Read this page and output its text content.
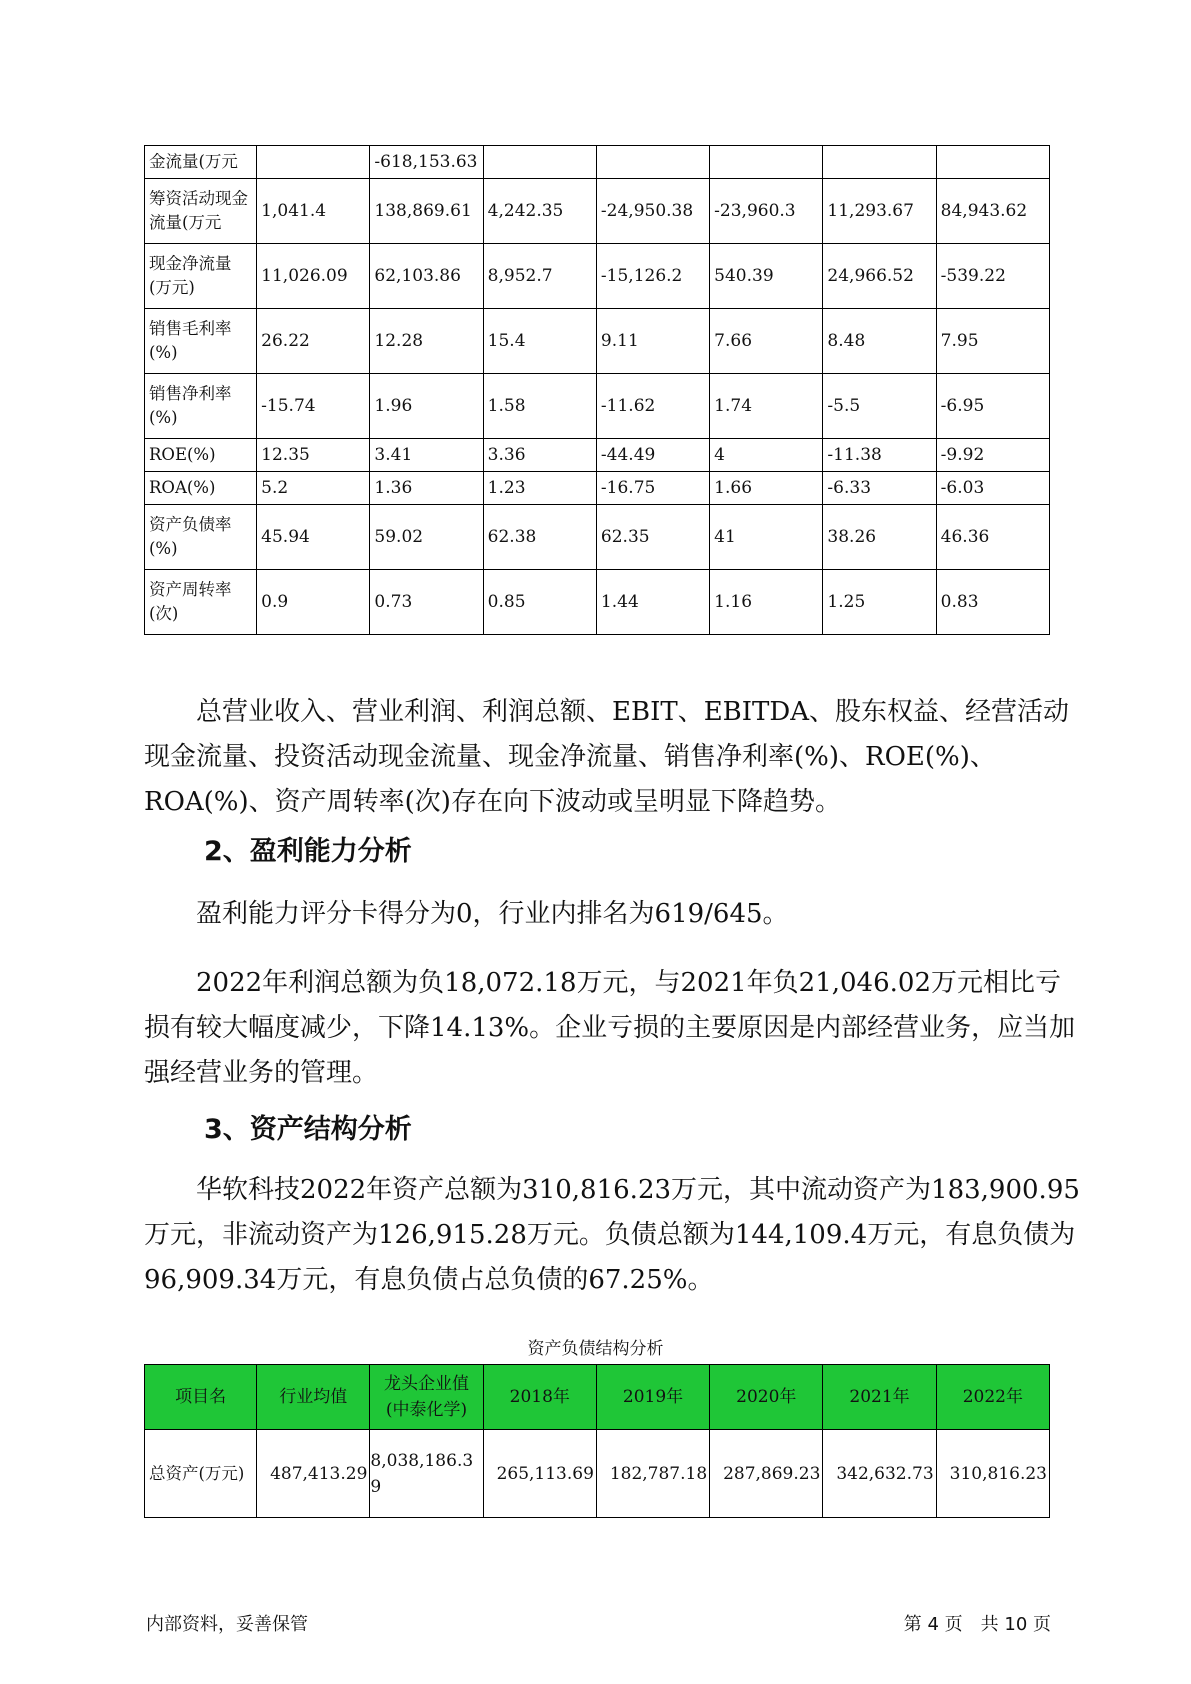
金流量(万元		-618,153.63					
筹资活动现金流量(万元	1,041.4	138,869.61	4,242.35	-24,950.38	-23,960.3	11,293.67	84,943.62
现金净流量(万元)	11,026.09	62,103.86	8,952.7	-15,126.2	540.39	24,966.52	-539.22
销售毛利率(%)	26.22	12.28	15.4	9.11	7.66	8.48	7.95
销售净利率(%)	-15.74	1.96	1.58	-11.62	1.74	-5.5	-6.95
ROE(%)	12.35	3.41	3.36	-44.49	4	-11.38	-9.92
ROA(%)	5.2	1.36	1.23	-16.75	1.66	-6.33	-6.03
资产负债率(%)	45.94	59.02	62.38	62.35	41	38.26	46.36
资产周转率(次)	0.9	0.73	0.85	1.44	1.16	1.25	0.83
总营业收入、营业利润、利润总额、EBIT、EBITDA、股东权益、经营活动现金流量、投资活动现金流量、现金净流量、销售净利率(%)、ROE(%)、ROA(%)、资产周转率(次)存在向下波动或呈明显下降趋势。
2、盈利能力分析
盈利能力评分卡得分为0，行业内排名为619/645。
2022年利润总额为负18,072.18万元，与2021年负21,046.02万元相比亏损有较大幅度减少，下降14.13%。企业亏损的主要原因是内部经营业务，应当加强经营业务的管理。
3、资产结构分析
华软科技2022年资产总额为310,816.23万元，其中流动资产为183,900.95万元，非流动资产为126,915.28万元。负债总额为144,109.4万元，有息负债为96,909.34万元，有息负债占总负债的67.25%。
资产负债结构分析
项目名	行业均值	龙头企业值(中泰化学)	2018年	2019年	2020年	2021年	2022年
总资产(万元)	487,413.29	8,038,186.39	265,113.69	182,787.18	287,869.23	342,632.73	310,816.23
内部资料，妥善保管	第 4 页　共 10 页
